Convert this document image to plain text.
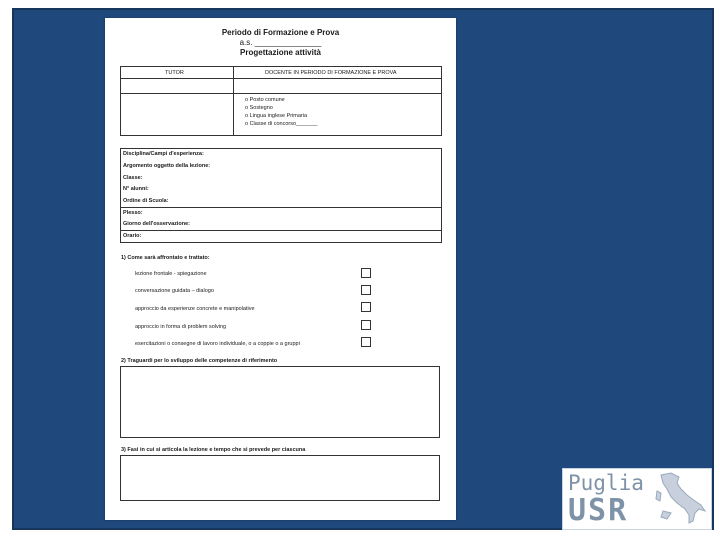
Periodo di Formazione e Prova
a.s. _______________
Progettazione attività
TUTOR	DOCENTE IN PERIODO DI FORMAZIONE E PROVA
o Posto comune
o Sostegno
o Lingua inglese Primaria
o Classe di concorso_______
Disciplina/Campi d'esperienza:
Argomento oggetto della lezione:
Classe:
N° alunni:
Ordine di Scuola:
Plesso:
Giorno dell'osservazione:
Orario:
1) Come sarà affrontato e trattato:
lezione frontale - spiegazione
conversazione guidata – dialogo
approccio da esperienze concrete e manipolative
approccio in forma di problem solving
esercitazioni o consegne di lavoro individuale, o a coppie o a gruppi
2) Traguardi per lo sviluppo delle competenze di riferimento
3) Fasi in cui si articola la lezione e tempo che si prevede per ciascuna
Puglia
USR
